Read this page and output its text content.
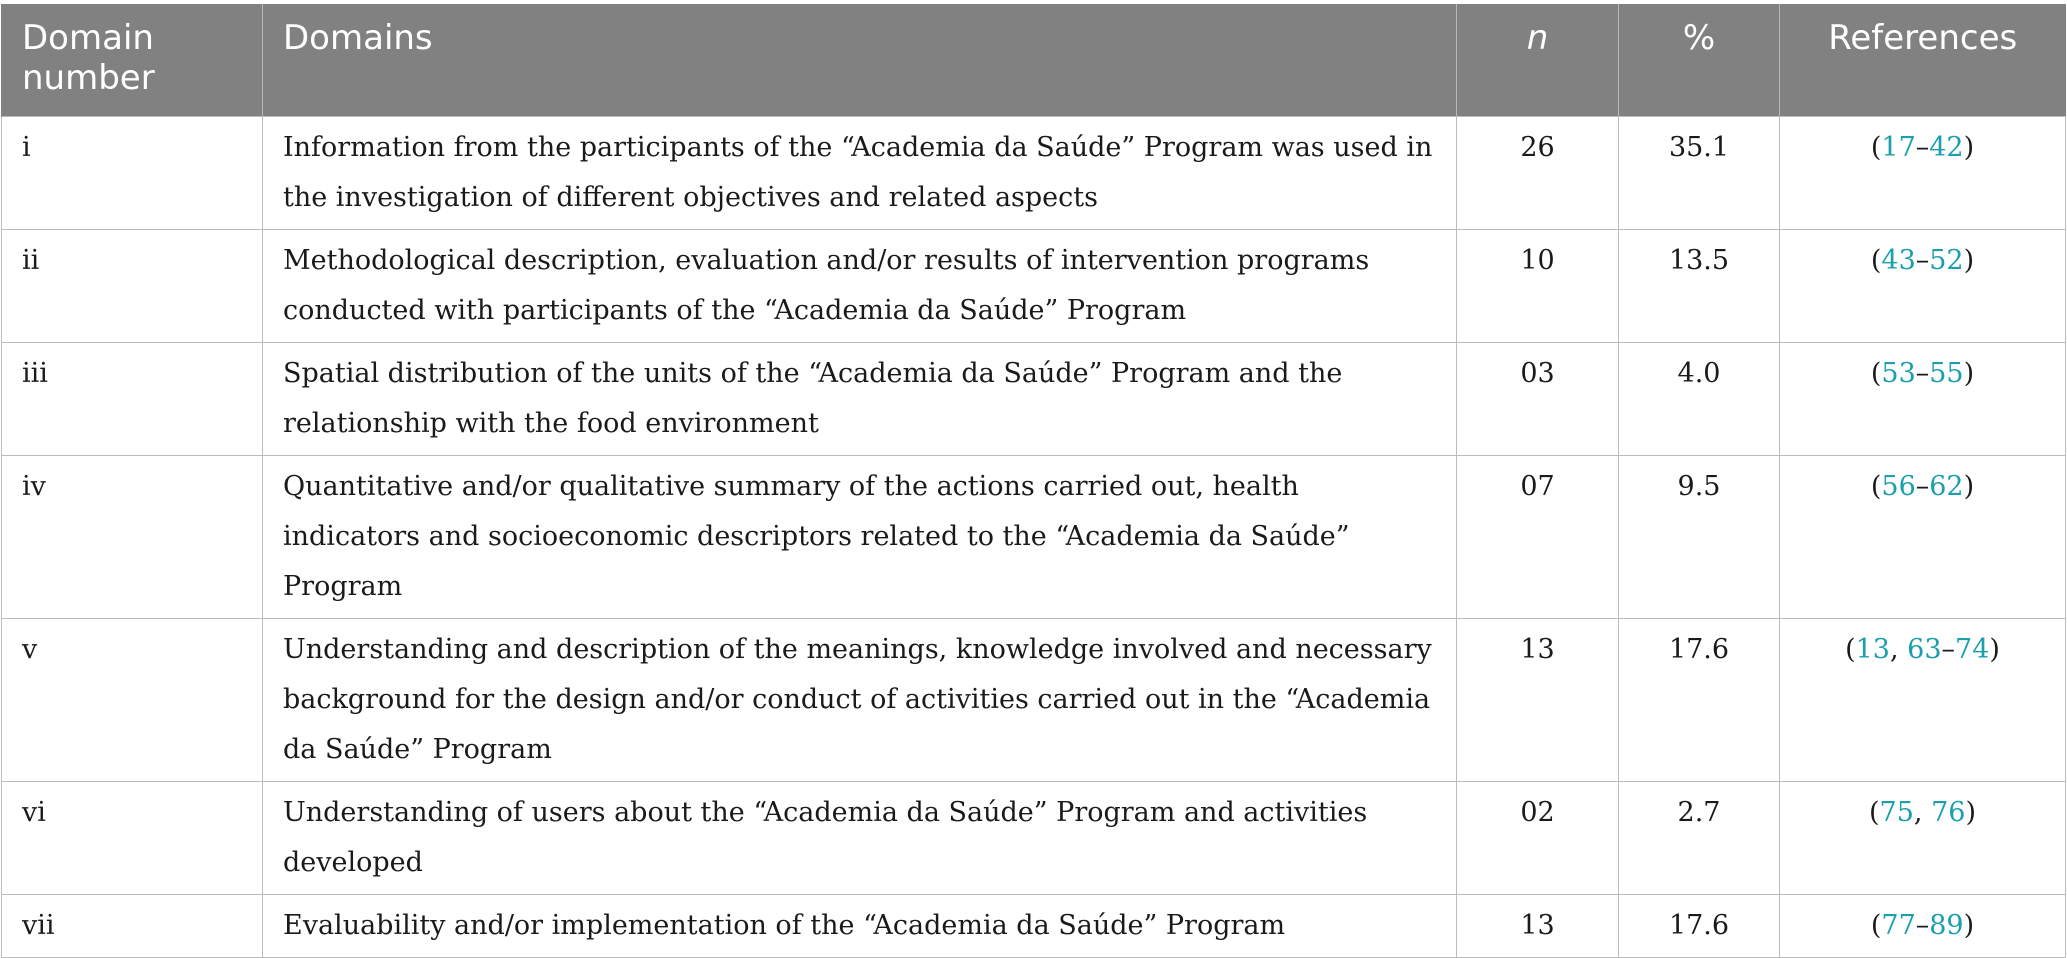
Domain number	Domains	n	%	References
i	Information from the participants of the “Academia da Saúde” Program was used in the investigation of different objectives and related aspects	26	35.1	(17–42)
ii	Methodological description, evaluation and/or results of intervention programs conducted with participants of the “Academia da Saúde” Program	10	13.5	(43–52)
iii	Spatial distribution of the units of the “Academia da Saúde” Program and the relationship with the food environment	03	4.0	(53–55)
iv	Quantitative and/or qualitative summary of the actions carried out, health indicators and socioeconomic descriptors related to the “Academia da Saúde” Program	07	9.5	(56–62)
v	Understanding and description of the meanings, knowledge involved and necessary background for the design and/or conduct of activities carried out in the “Academia da Saúde” Program	13	17.6	(13, 63–74)
vi	Understanding of users about the “Academia da Saúde” Program and activities developed	02	2.7	(75, 76)
vii	Evaluability and/or implementation of the “Academia da Saúde” Program	13	17.6	(77–89)
